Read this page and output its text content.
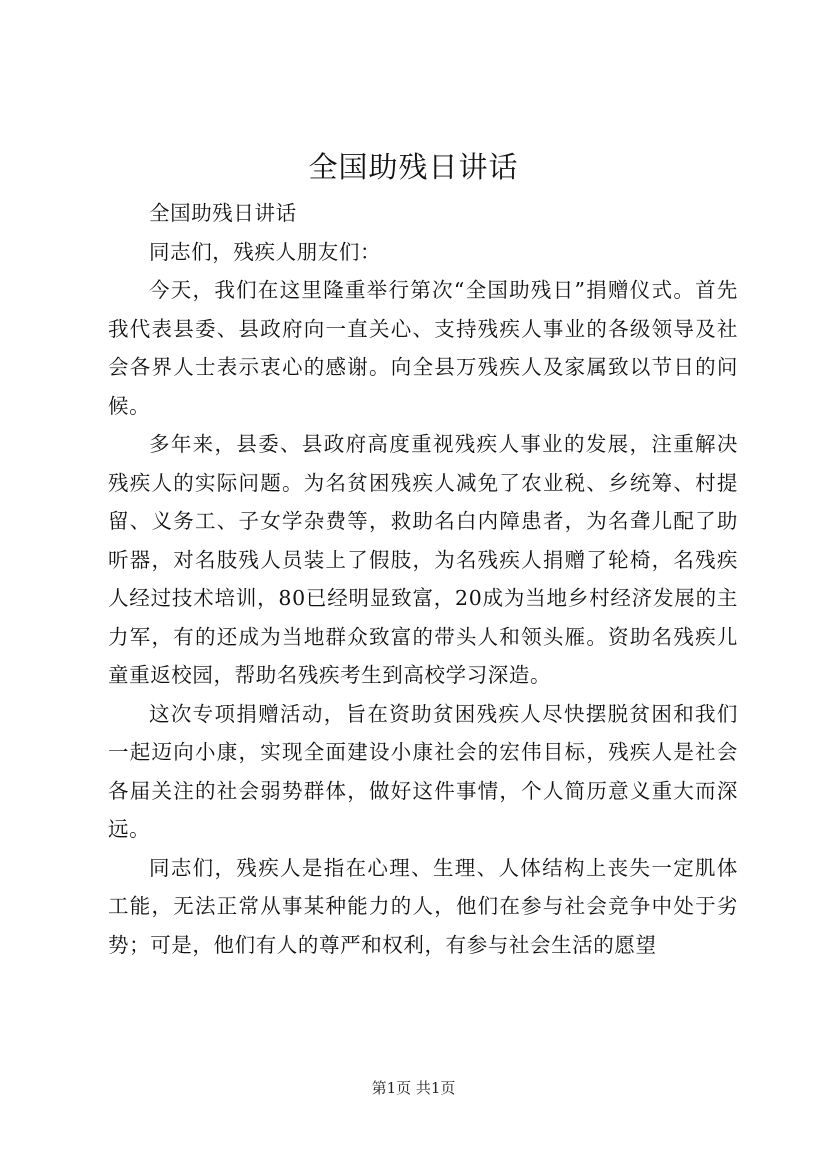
全国助残日讲话

全国助残日讲话

同志们，残疾人朋友们：

今天，我们在这里隆重举行第次“全国助残日”捐赠仪式。首先我代表县委、县政府向一直关心、支持残疾人事业的各级领导及社会各界人士表示衷心的感谢。向全县万残疾人及家属致以节日的问候。

多年来，县委、县政府高度重视残疾人事业的发展，注重解决残疾人的实际问题。为名贫困残疾人减免了农业税、乡统筹、村提留、义务工、子女学杂费等，救助名白内障患者，为名聋儿配了助听器，对名肢残人员装上了假肢，为名残疾人捐赠了轮椅，名残疾人经过技术培训，80已经明显致富，20成为当地乡村经济发展的主力军，有的还成为当地群众致富的带头人和领头雁。资助名残疾儿童重返校园，帮助名残疾考生到高校学习深造。

这次专项捐赠活动，旨在资助贫困残疾人尽快摆脱贫困和我们一起迈向小康，实现全面建设小康社会的宏伟目标，残疾人是社会各届关注的社会弱势群体，做好这件事情，个人简历意义重大而深远。

同志们，残疾人是指在心理、生理、人体结构上丧失一定肌体工能，无法正常从事某种能力的人，他们在参与社会竞争中处于劣势；可是，他们有人的尊严和权利，有参与社会生活的愿望

第1页 共1页
